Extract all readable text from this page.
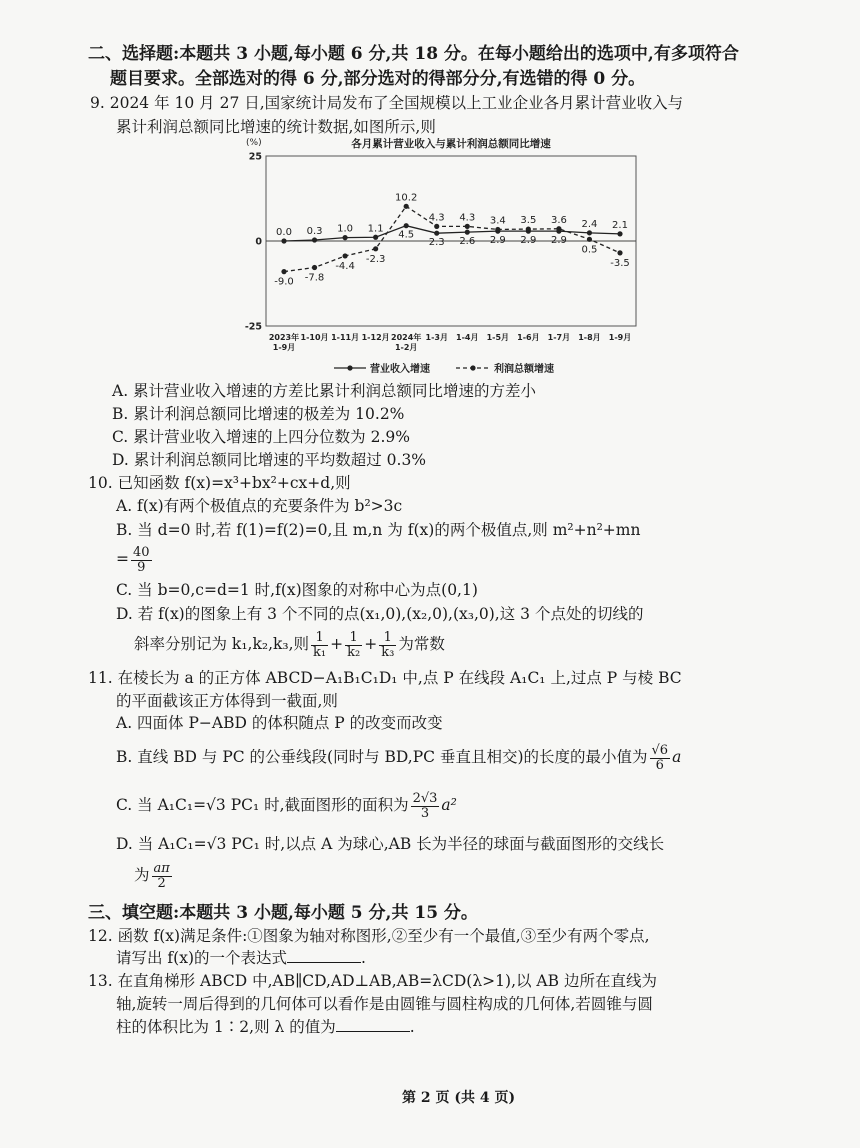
二、选择题:本题共 3 小题,每小题 6 分,共 18 分。在每小题给出的选项中,有多项符合
题目要求。全部选对的得 6 分,部分选对的得部分分,有选错的得 0 分。
9. 2024 年 10 月 27 日,国家统计局发布了全国规模以上工业企业各月累计营业收入与
累计利润总额同比增速的统计数据,如图所示,则
各月累计营业收入与累计利润总额同比增速
(%)
25
0
-25
2023年
1-9月
1-10月 1-11月 1-12月 2024年
1-2月
1-3月 1-4月 1-5月 1-6月 1-7月 1-8月 1-9月
0.0 0.3 1.0 1.1
4.5
2.3 2.6 2.9 2.9 2.9
2.4 2.1
-9.0 -7.8
-4.4
-2.3
10.2
4.3 4.3 3.4 3.5 3.6
0.5
-3.5
营业收入增速	利润总额增速
A. 累计营业收入增速的方差比累计利润总额同比增速的方差小
B. 累计利润总额同比增速的极差为 10.2%
C. 累计营业收入增速的上四分位数为 2.9%
D. 累计利润总额同比增速的平均数超过 0.3%
10. 已知函数 f(x)=x³+bx²+cx+d,则
A. f(x)有两个极值点的充要条件为 b²>3c
B. 当 d=0 时,若 f(1)=f(2)=0,且 m,n 为 f(x)的两个极值点,则 m²+n²+mn
= $\frac{40}{9}$
C. 当 b=0,c=d=1 时,f(x)图象的对称中心为点(0,1)
D. 若 f(x)的图象上有 3 个不同的点(x₁,0),(x₂,0),(x₃,0),这 3 个点处的切线的
斜率分别记为 k₁,k₂,k₃,则 $\frac{1}{\text{k₁}} + \frac{1}{\text{k₂}} + \frac{1}{\text{k₃}}$ 为常数
11. 在棱长为 a 的正方体 ABCD−A₁B₁C₁D₁ 中,点 P 在线段 A₁C₁ 上,过点 P 与棱 BC
的平面截该正方体得到一截面,则
A. 四面体 P−ABD 的体积随点 P 的改变而改变
B. 直线 BD 与 PC 的公垂线段(同时与 BD,PC 垂直且相交)的长度的最小值为 $\frac{√6}{6}$ a
C. 当 A₁C₁=√3 PC₁ 时,截面图形的面积为 $\frac{2√3}{3} a^2$
D. 当 A₁C₁=√3 PC₁ 时,以点 A 为球心,AB 长为半径的球面与截面图形的交线长
为 $\frac{a\pi}{2}$
三、填空题:本题共 3 小题,每小题 5 分,共 15 分。
12. 函数 f(x)满足条件:①图象为轴对称图形,②至少有一个最值,③至少有两个零点,
请写出 f(x)的一个表达式	.
13. 在直角梯形 ABCD 中,AB∥CD,AD⊥AB,AB=λCD(λ>1),以 AB 边所在直线为
轴,旋转一周后得到的几何体可以看作是由圆锥与圆柱构成的几何体,若圆锥与圆
柱的体积比为 1∶2,则 λ 的值为	.
第 2 页 (共 4 页)
